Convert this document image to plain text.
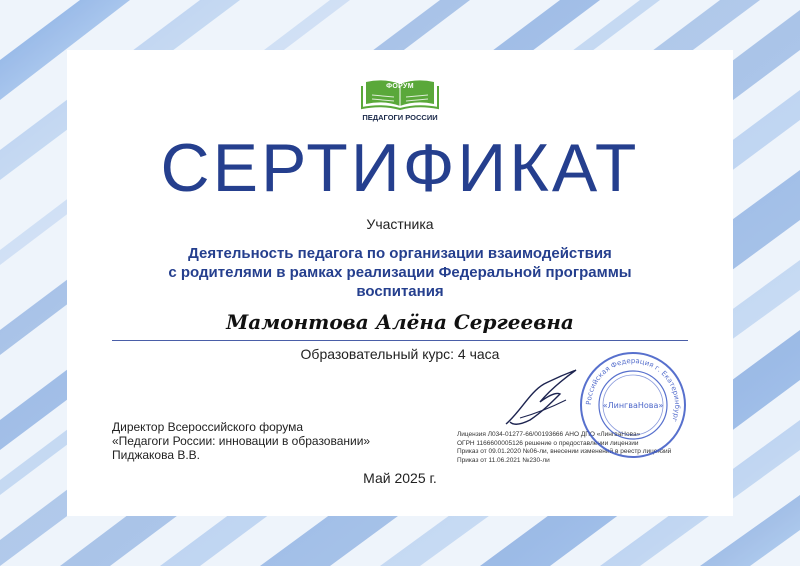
ФОРУМ
ПЕДАГОГИ РОССИИ
СЕРТИФИКАТ
Участника
Деятельность педагога по организации взаимодействия
с родителями в рамках реализации Федеральной программы
воспитания
Мамонтова Алёна Сергеевна
Образовательный курс: 4 часа
Директор Всероссийского форума
«Педагоги России: инновации в образовании»
Пиджакова В.В.
Лицензия Л034-01277-66/00193666 АНО ДПО «ЛингваНова»
ОГРН 1166600005126 решение о предоставлении лицензии
Приказ от 09.01.2020 №06-ли, внесении изменений в реестр лицензий
Приказ от 11.06.2021 №230-ли
Российская Федерация г. Екатеринбург
«ЛингваНова»
Май 2025 г.
